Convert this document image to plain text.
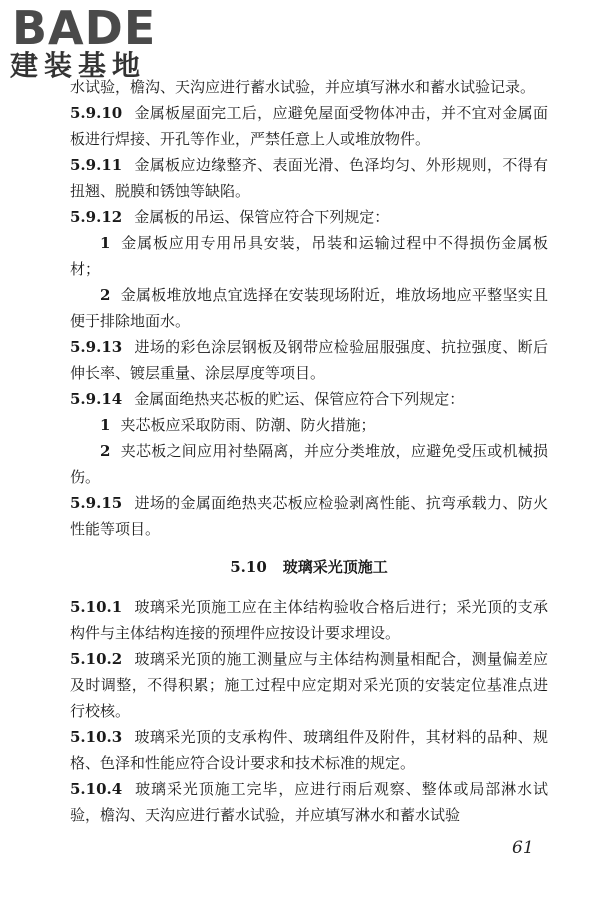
BADE
建装基地

水试验，檐沟、天沟应进行蓄水试验，并应填写淋水和蓄水试验记录。

5.9.10 金属板屋面完工后，应避免屋面受物体冲击，并不宜对金属面板进行焊接、开孔等作业，严禁任意上人或堆放物件。

5.9.11 金属板应边缘整齐、表面光滑、色泽均匀、外形规则，不得有扭翘、脱膜和锈蚀等缺陷。

5.9.12 金属板的吊运、保管应符合下列规定：

1 金属板应用专用吊具安装，吊装和运输过程中不得损伤金属板材；

2 金属板堆放地点宜选择在安装现场附近，堆放场地应平整坚实且便于排除地面水。

5.9.13 进场的彩色涂层钢板及钢带应检验屈服强度、抗拉强度、断后伸长率、镀层重量、涂层厚度等项目。

5.9.14 金属面绝热夹芯板的贮运、保管应符合下列规定：

1 夹芯板应采取防雨、防潮、防火措施；

2 夹芯板之间应用衬垫隔离，并应分类堆放，应避免受压或机械损伤。

5.9.15 进场的金属面绝热夹芯板应检验剥离性能、抗弯承载力、防火性能等项目。

5.10 玻璃采光顶施工

5.10.1 玻璃采光顶施工应在主体结构验收合格后进行；采光顶的支承构件与主体结构连接的预埋件应按设计要求埋设。

5.10.2 玻璃采光顶的施工测量应与主体结构测量相配合，测量偏差应及时调整，不得积累；施工过程中应定期对采光顶的安装定位基准点进行校核。

5.10.3 玻璃采光顶的支承构件、玻璃组件及附件，其材料的品种、规格、色泽和性能应符合设计要求和技术标准的规定。

5.10.4 玻璃采光顶施工完毕，应进行雨后观察、整体或局部淋水试验，檐沟、天沟应进行蓄水试验，并应填写淋水和蓄水试验

61
